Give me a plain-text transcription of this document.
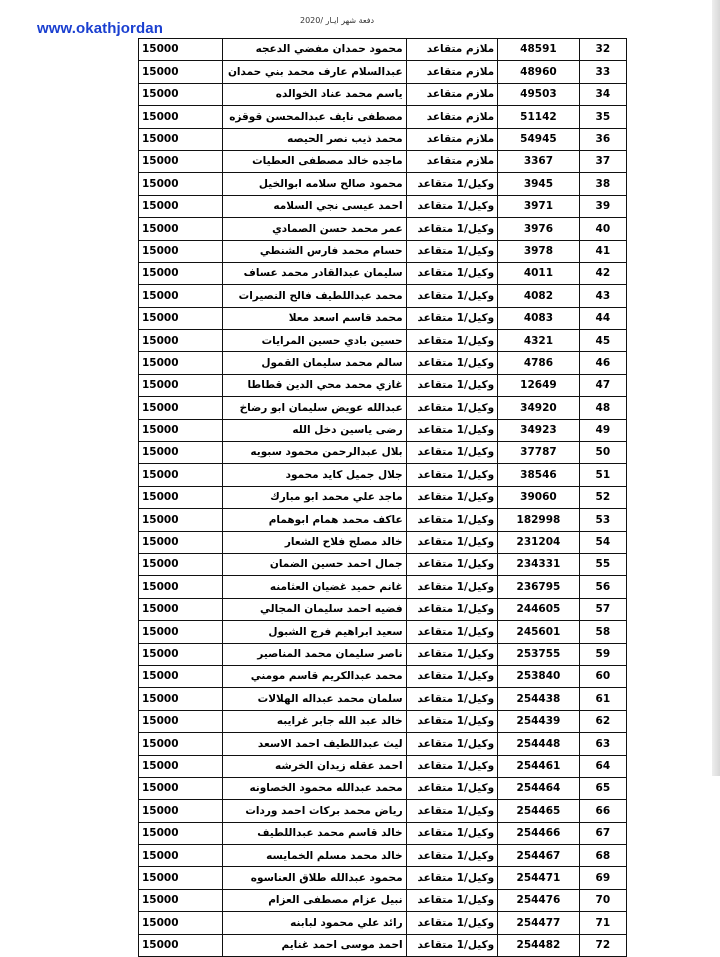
www.okathjordan	دفعة شهر ايـار /2020
15000	محمود حمدان مفضي الدعجه	ملازم متقاعد	48591	32
15000	عبدالسلام عارف محمد بني حمدان	ملازم متقاعد	48960	33
15000	ياسم محمد عناد الخوالده	ملازم متقاعد	49503	34
15000	مصطفى نايف عبدالمحسن قوقزه	ملازم متقاعد	51142	35
15000	محمد ذيب نصر الحيصه	ملازم متقاعد	54945	36
15000	ماجده خالد مصطفى العطيات	ملازم متقاعد	3367	37
15000	محمود صالح سلامه ابوالخيل	وكيل/1 متقاعد	3945	38
15000	احمد عيسى نجي السلامه	وكيل/1 متقاعد	3971	39
15000	عمر محمد حسن الصمادي	وكيل/1 متقاعد	3976	40
15000	حسام محمد فارس الشنطي	وكيل/1 متقاعد	3978	41
15000	سليمان عبدالقادر محمد عساف	وكيل/1 متقاعد	4011	42
15000	محمد عبداللطيف فالح النصيرات	وكيل/1 متقاعد	4082	43
15000	محمد قاسم اسعد معلا	وكيل/1 متقاعد	4083	44
15000	حسين بادي حسين المرايات	وكيل/1 متقاعد	4321	45
15000	سالم محمد سليمان القمول	وكيل/1 متقاعد	4786	46
15000	غازي محمد محي الدين قطاطا	وكيل/1 متقاعد	12649	47
15000	عبدالله عويض سليمان ابو رضاخ	وكيل/1 متقاعد	34920	48
15000	رضى ياسين دخل الله	وكيل/1 متقاعد	34923	49
15000	بلال عبدالرحمن محمود سبويه	وكيل/1 متقاعد	37787	50
15000	جلال جميل كايد محمود	وكيل/1 متقاعد	38546	51
15000	ماجد علي محمد ابو مبارك	وكيل/1 متقاعد	39060	52
15000	عاكف محمد همام ابوهمام	وكيل/1 متقاعد	182998	53
15000	خالد مصلح فلاح الشعار	وكيل/1 متقاعد	231204	54
15000	جمال احمد حسين الضمان	وكيل/1 متقاعد	234331	55
15000	غانم حميد غضيان العثامنه	وكيل/1 متقاعد	236795	56
15000	فضيه احمد سليمان المجالي	وكيل/1 متقاعد	244605	57
15000	سعيد ابراهيم فرج الشبول	وكيل/1 متقاعد	245601	58
15000	ناصر سليمان محمد المناصير	وكيل/1 متقاعد	253755	59
15000	محمد عبدالكريم قاسم مومني	وكيل/1 متقاعد	253840	60
15000	سلمان محمد عبداله الهلالات	وكيل/1 متقاعد	254438	61
15000	خالد عبد الله جابر غرايبه	وكيل/1 متقاعد	254439	62
15000	ليث عبداللطيف احمد الاسعد	وكيل/1 متقاعد	254448	63
15000	احمد عقله زيدان الخرشه	وكيل/1 متقاعد	254461	64
15000	محمد عبدالله محمود الخصاونه	وكيل/1 متقاعد	254464	65
15000	رياض محمد بركات احمد وردات	وكيل/1 متقاعد	254465	66
15000	خالد قاسم محمد عبداللطيف	وكيل/1 متقاعد	254466	67
15000	خالد محمد مسلم الخمايسه	وكيل/1 متقاعد	254467	68
15000	محمود عبدالله طلاق العناسوه	وكيل/1 متقاعد	254471	69
15000	نبيل عزام مصطفى العزام	وكيل/1 متقاعد	254476	70
15000	رائد علي محمود لبابنه	وكيل/1 متقاعد	254477	71
15000	احمد موسى احمد غنايم	وكيل/1 متقاعد	254482	72
